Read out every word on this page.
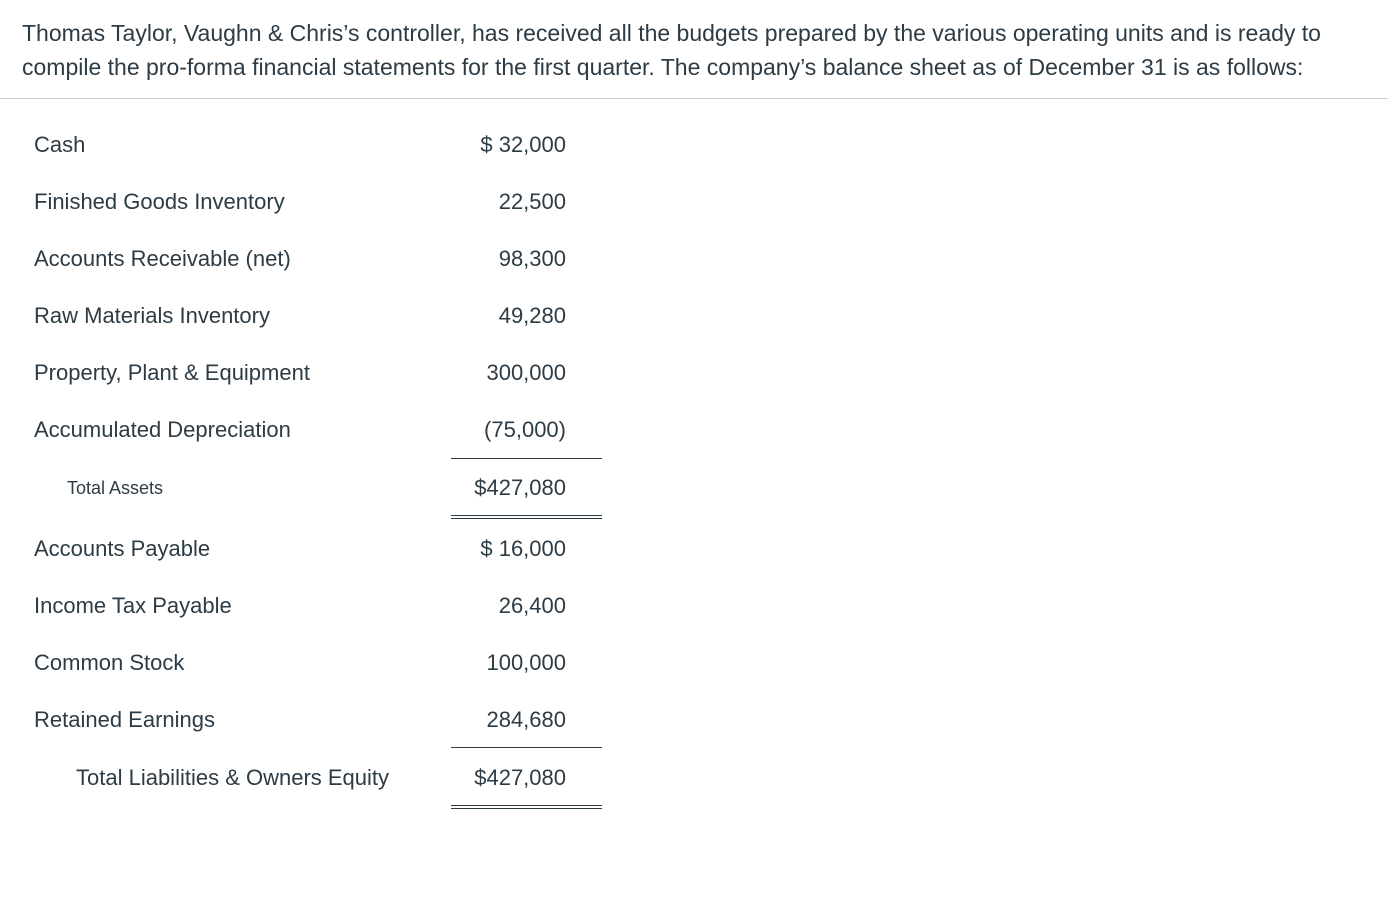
Thomas Taylor, Vaughn & Chris’s controller, has received all the budgets prepared by the various operating units and is ready to compile the pro-forma financial statements for the first quarter. The company’s balance sheet as of December 31 is as follows:

Cash	$ 32,000
Finished Goods Inventory	22,500
Accounts Receivable (net)	98,300
Raw Materials Inventory	49,280
Property, Plant & Equipment	300,000
Accumulated Depreciation	(75,000)
Total Assets	$427,080
Accounts Payable	$ 16,000
Income Tax Payable	26,400
Common Stock	100,000
Retained Earnings	284,680
Total Liabilities & Owners Equity	$427,080
